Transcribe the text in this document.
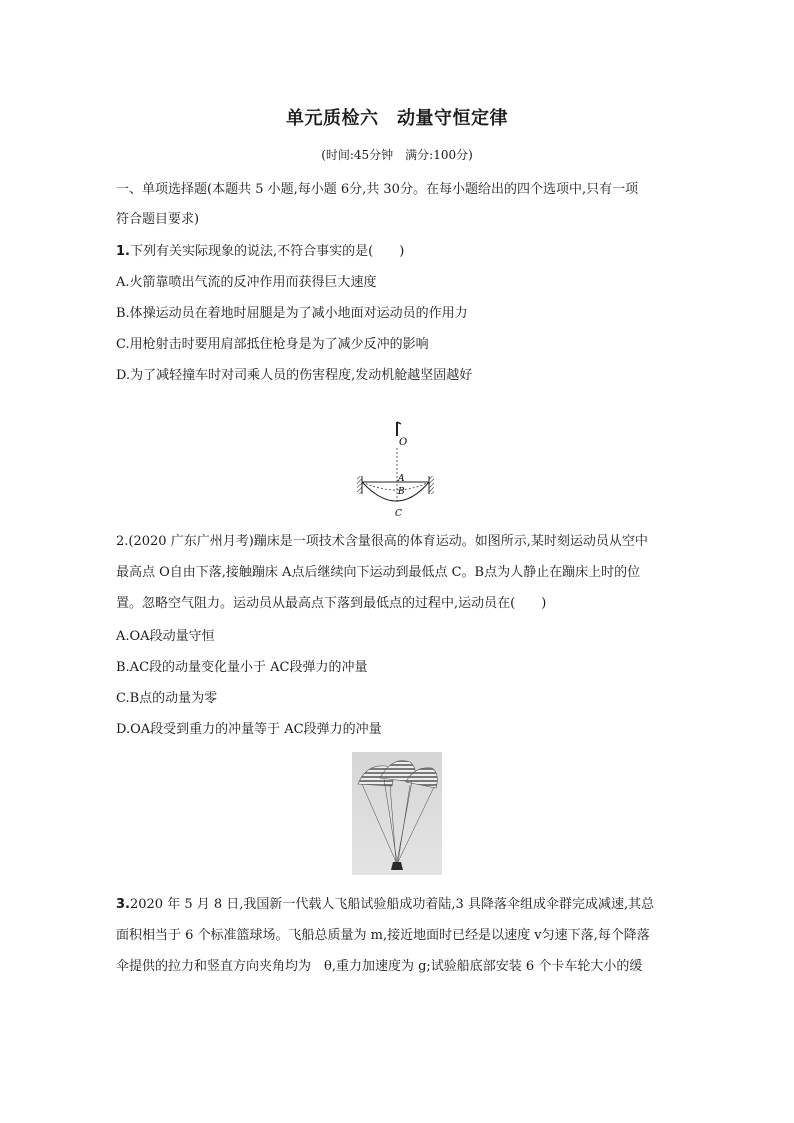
单元质检六　动量守恒定律
(时间:45分钟　满分:100分)
一、单项选择题(本题共 5 小题,每小题 6分,共 30分。在每小题给出的四个选项中,只有一项
符合题目要求)
1.下列有关实际现象的说法,不符合事实的是(　　)
A.火箭靠喷出气流的反冲作用而获得巨大速度
B.体操运动员在着地时屈腿是为了减小地面对运动员的作用力
C.用枪射击时要用肩部抵住枪身是为了减少反冲的影响
D.为了减轻撞车时对司乘人员的伤害程度,发动机舱越坚固越好
O
A
B
C
2.(2020 广东广州月考)蹦床是一项技术含量很高的体育运动。如图所示,某时刻运动员从空中
最高点 O自由下落,接触蹦床 A点后继续向下运动到最低点 C。B点为人静止在蹦床上时的位
置。忽略空气阻力。运动员从最高点下落到最低点的过程中,运动员在(　　)
A.OA段动量守恒
B.AC段的动量变化量小于 AC段弹力的冲量
C.B点的动量为零
D.OA段受到重力的冲量等于 AC段弹力的冲量
3.2020 年 5 月 8 日,我国新一代载人飞船试验船成功着陆,3 具降落伞组成伞群完成减速,其总
面积相当于 6 个标准篮球场。飞船总质量为 m,接近地面时已经是以速度 v匀速下落,每个降落
伞提供的拉力和竖直方向夹角均为　θ,重力加速度为 g;试验船底部安装 6 个卡车轮大小的缓
